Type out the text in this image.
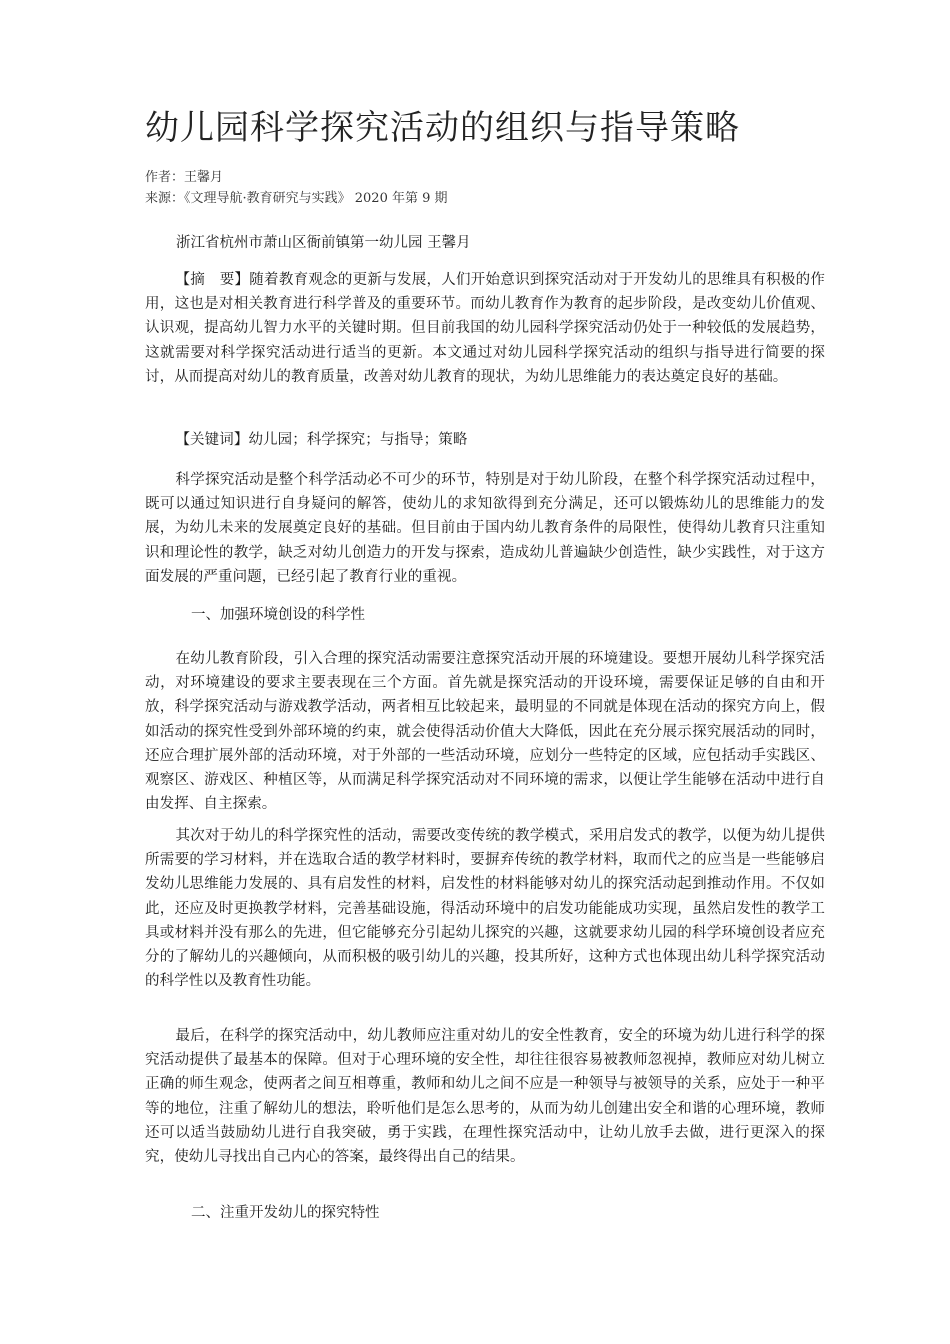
幼儿园科学探究活动的组织与指导策略
作者：王馨月
来源：《文理导航·教育研究与实践》 2020 年第 9 期
浙江省杭州市萧山区衙前镇第一幼儿园 王馨月

【摘　要】随着教育观念的更新与发展，人们开始意识到探究活动对于开发幼儿的思维具有积极的作用，这也是对相关教育进行科学普及的重要环节。而幼儿教育作为教育的起步阶段，是改变幼儿价值观、认识观，提高幼儿智力水平的关键时期。但目前我国的幼儿园科学探究活动仍处于一种较低的发展趋势，这就需要对科学探究活动进行适当的更新。本文通过对幼儿园科学探究活动的组织与指导进行简要的探讨，从而提高对幼儿的教育质量，改善对幼儿教育的现状，为幼儿思维能力的表达奠定良好的基础。

【关键词】幼儿园；科学探究；与指导；策略

科学探究活动是整个科学活动必不可少的环节，特别是对于幼儿阶段，在整个科学探究活动过程中，既可以通过知识进行自身疑问的解答，使幼儿的求知欲得到充分满足，还可以锻炼幼儿的思维能力的发展，为幼儿未来的发展奠定良好的基础。但目前由于国内幼儿教育条件的局限性，使得幼儿教育只注重知识和理论性的教学，缺乏对幼儿创造力的开发与探索，造成幼儿普遍缺少创造性，缺少实践性，对于这方面发展的严重问题，已经引起了教育行业的重视。

一、加强环境创设的科学性

在幼儿教育阶段，引入合理的探究活动需要注意探究活动开展的环境建设。要想开展幼儿科学探究活动，对环境建设的要求主要表现在三个方面。首先就是探究活动的开设环境，需要保证足够的自由和开放，科学探究活动与游戏教学活动，两者相互比较起来，最明显的不同就是体现在活动的探究方向上，假如活动的探究性受到外部环境的约束，就会使得活动价值大大降低，因此在充分展示探究展活动的同时，还应合理扩展外部的活动环境，对于外部的一些活动环境，应划分一些特定的区域，应包括动手实践区、观察区、游戏区、种植区等，从而满足科学探究活动对不同环境的需求，以便让学生能够在活动中进行自由发挥、自主探索。

其次对于幼儿的科学探究性的活动，需要改变传统的教学模式，采用启发式的教学，以便为幼儿提供所需要的学习材料，并在选取合适的教学材料时，要摒弃传统的教学材料，取而代之的应当是一些能够启发幼儿思维能力发展的、具有启发性的材料，启发性的材料能够对幼儿的探究活动起到推动作用。不仅如此，还应及时更换教学材料，完善基础设施，得活动环境中的启发功能能成功实现，虽然启发性的教学工具或材料并没有那么的先进，但它能够充分引起幼儿探究的兴趣，这就要求幼儿园的科学环境创设者应充分的了解幼儿的兴趣倾向，从而积极的吸引幼儿的兴趣，投其所好，这种方式也体现出幼儿科学探究活动的科学性以及教育性功能。

最后，在科学的探究活动中，幼儿教师应注重对幼儿的安全性教育，安全的环境为幼儿进行科学的探究活动提供了最基本的保障。但对于心理环境的安全性，却往往很容易被教师忽视掉，教师应对幼儿树立正确的师生观念，使两者之间互相尊重，教师和幼儿之间不应是一种领导与被领导的关系，应处于一种平等的地位，注重了解幼儿的想法，聆听他们是怎么思考的，从而为幼儿创建出安全和谐的心理环境，教师还可以适当鼓励幼儿进行自我突破，勇于实践，在理性探究活动中，让幼儿放手去做，进行更深入的探究，使幼儿寻找出自己内心的答案，最终得出自己的结果。

二、注重开发幼儿的探究特性
